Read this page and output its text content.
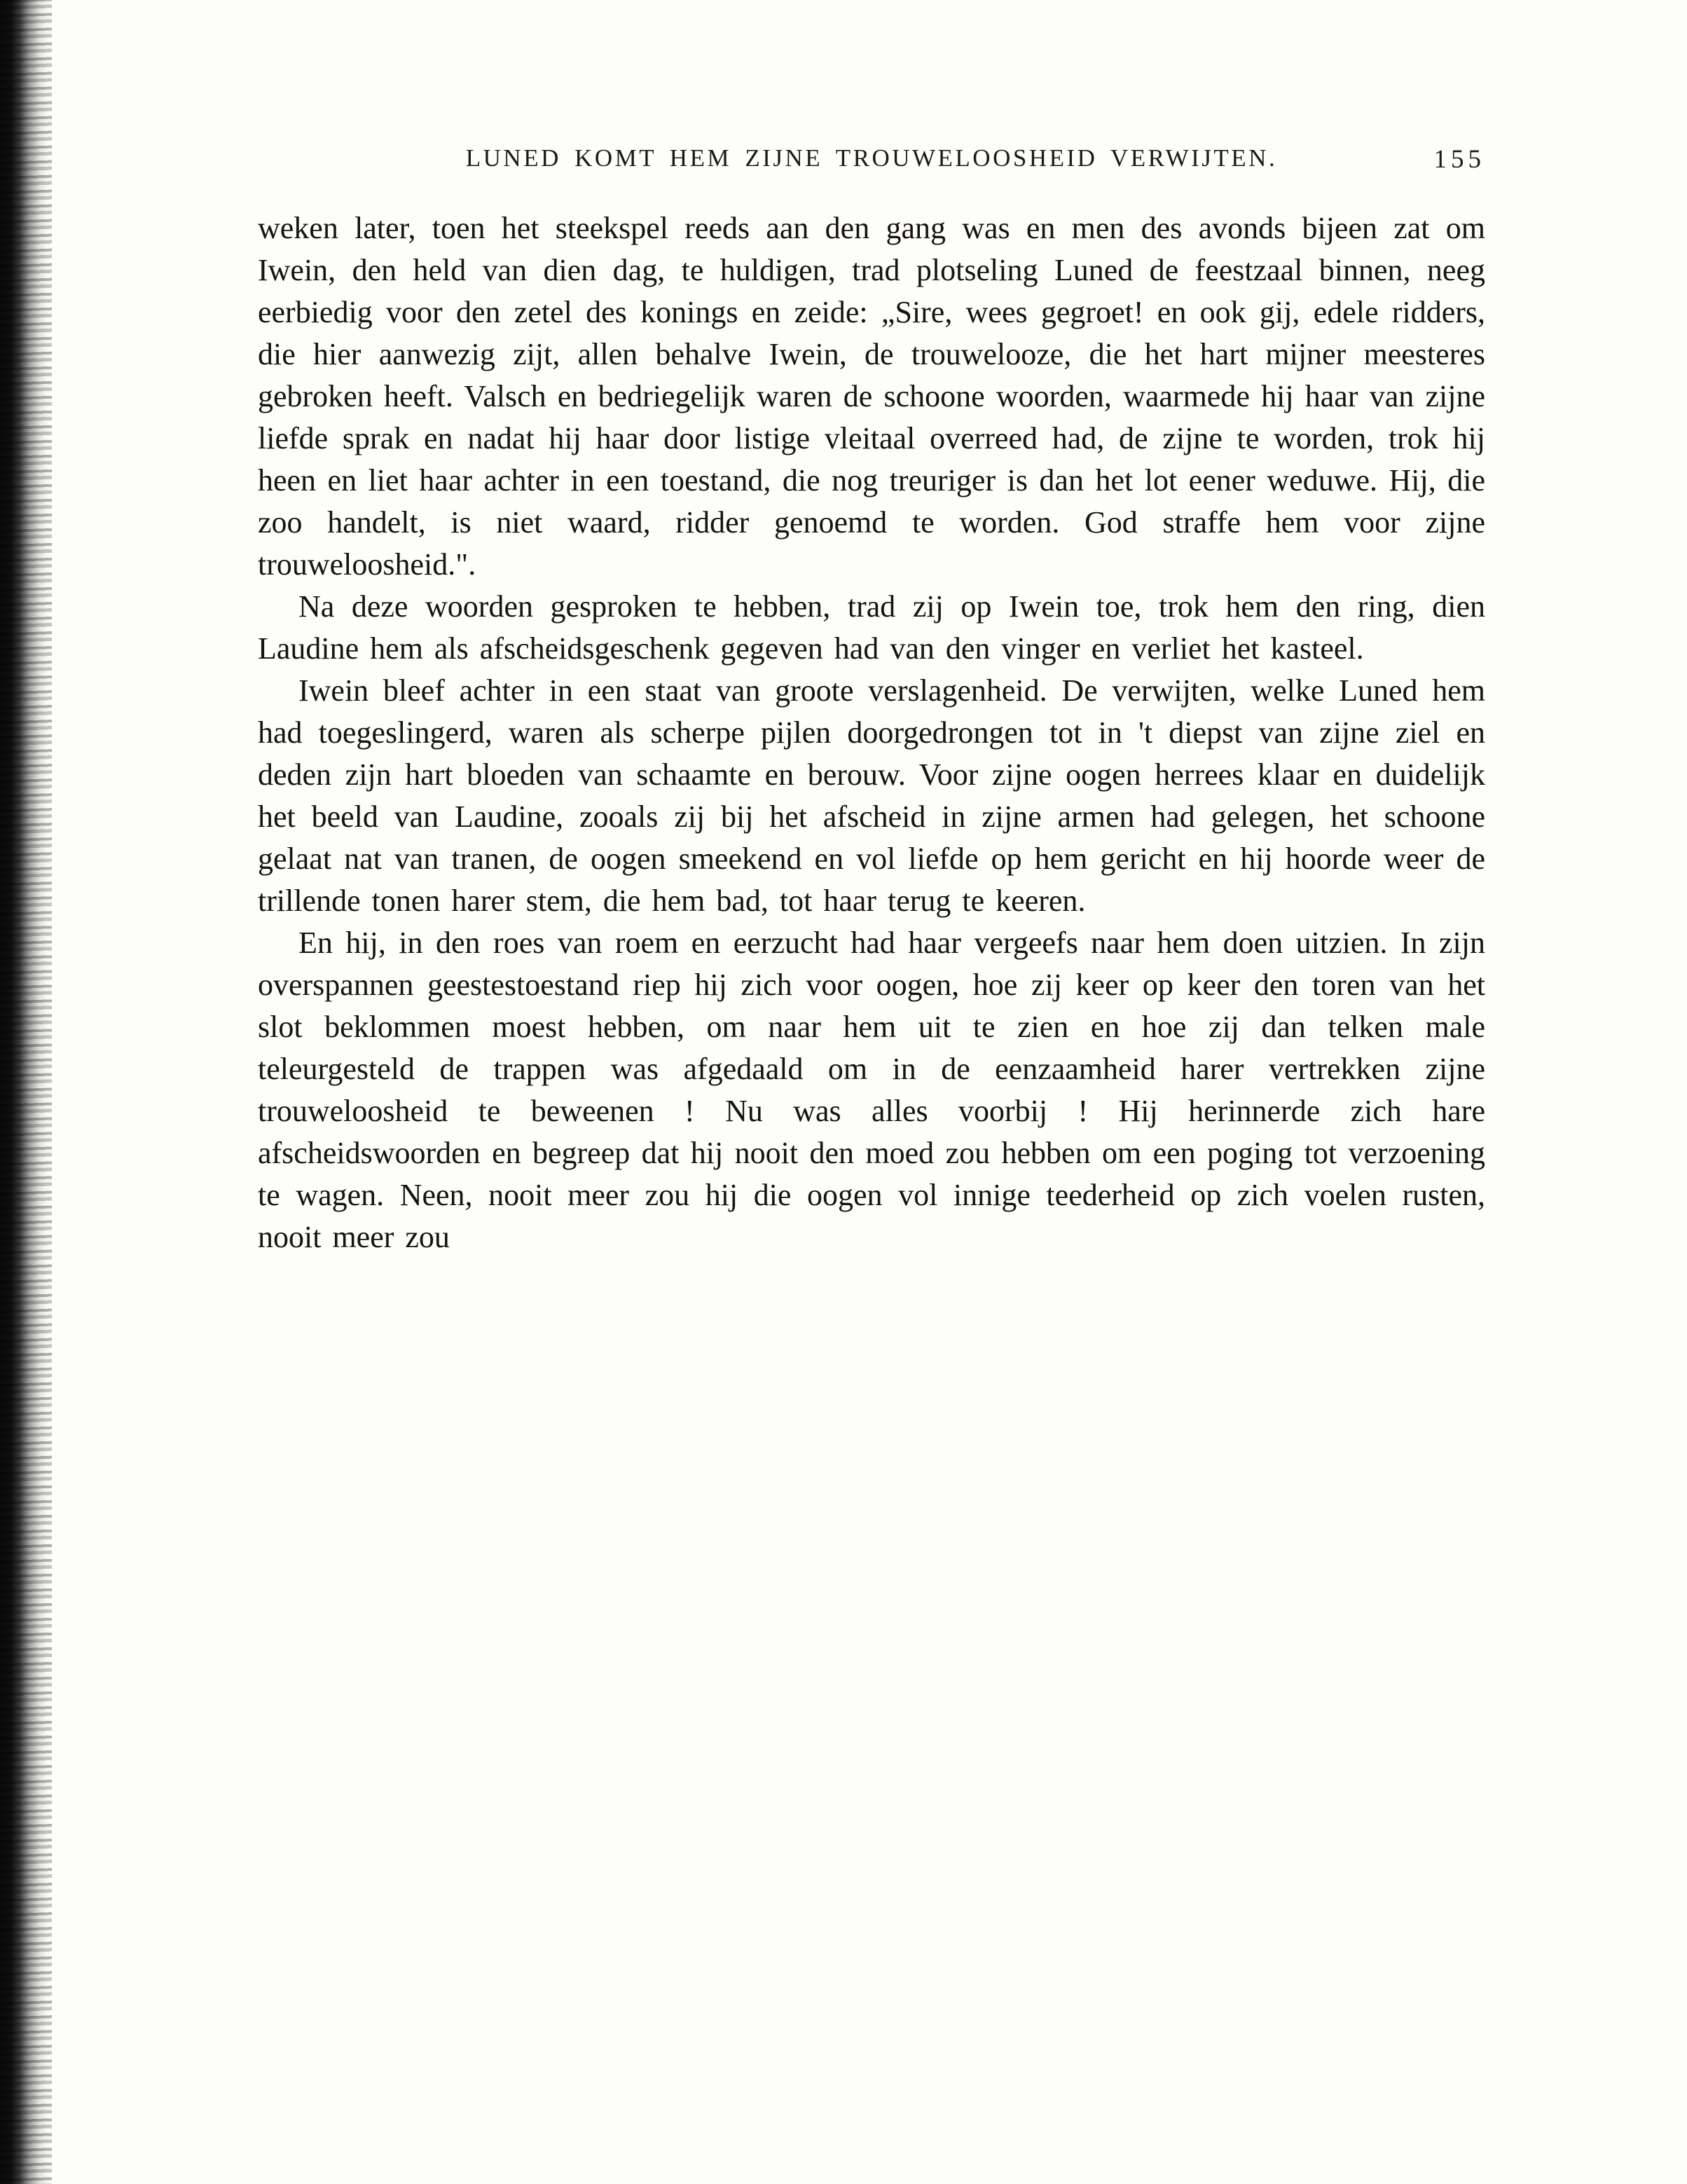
LUNED KOMT HEM ZIJNE TROUWELOOSHEID VERWIJTEN.	155

weken later, toen het steekspel reeds aan den gang was en men des avonds bijeen zat om Iwein, den held van dien dag, te huldigen, trad plotseling Luned de feestzaal binnen, neeg eerbiedig voor den zetel des konings en zeide: „Sire, wees gegroet! en ook gij, edele ridders, die hier aanwezig zijt, allen behalve Iwein, de trouwelooze, die het hart mijner meesteres gebroken heeft. Valsch en bedriegelijk waren de schoone woorden, waarmede hij haar van zijne liefde sprak en nadat hij haar door listige vleitaal overreed had, de zijne te worden, trok hij heen en liet haar achter in een toestand, die nog treuriger is dan het lot eener weduwe. Hij, die zoo handelt, is niet waard, ridder genoemd te worden. God straffe hem voor zijne trouweloosheid.".

Na deze woorden gesproken te hebben, trad zij op Iwein toe, trok hem den ring, dien Laudine hem als afscheidsgeschenk gegeven had van den vinger en verliet het kasteel.

Iwein bleef achter in een staat van groote verslagenheid. De verwijten, welke Luned hem had toegeslingerd, waren als scherpe pijlen doorgedrongen tot in 't diepst van zijne ziel en deden zijn hart bloeden van schaamte en berouw. Voor zijne oogen herrees klaar en duidelijk het beeld van Laudine, zooals zij bij het afscheid in zijne armen had gelegen, het schoone gelaat nat van tranen, de oogen smeekend en vol liefde op hem gericht en hij hoorde weer de trillende tonen harer stem, die hem bad, tot haar terug te keeren.

En hij, in den roes van roem en eerzucht had haar vergeefs naar hem doen uitzien. In zijn overspannen geestestoestand riep hij zich voor oogen, hoe zij keer op keer den toren van het slot beklommen moest hebben, om naar hem uit te zien en hoe zij dan telken male teleurgesteld de trappen was afgedaald om in de eenzaamheid harer vertrekken zijne trouweloosheid te beweenen ! Nu was alles voorbij ! Hij herinnerde zich hare afscheidswoorden en begreep dat hij nooit den moed zou hebben om een poging tot verzoening te wagen. Neen, nooit meer zou hij die oogen vol innige teederheid op zich voelen rusten, nooit meer zou
